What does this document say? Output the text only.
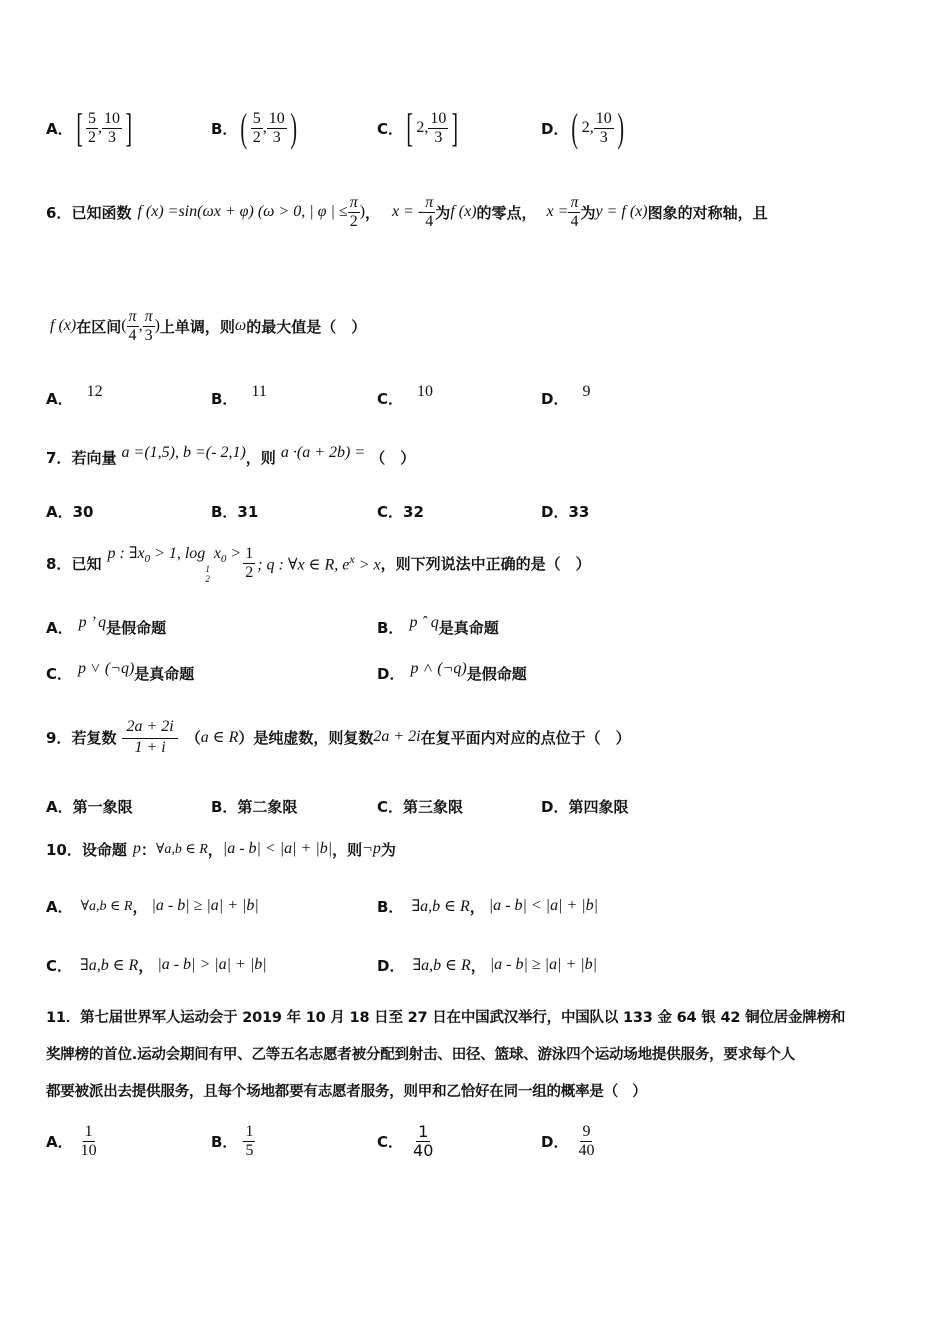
A． [ $\frac{5}{2}$ , $\frac{10}{3}$ ]	B． ( $\frac{5}{2}$ , $\frac{10}{3}$ )	C． [ 2, $\frac{10}{3}$ ]	D． ( 2, $\frac{10}{3}$ )
6． 已知函数 f (x) =sin(ωx + φ) (ω > 0, | φ | ≤ $\frac{\pi}{2}$ ) ， x = - $\frac{\pi}{4}$ 为 f (x) 的零点， $x = \frac{\pi}{4}$ 为 y = f (x) 图象的对称轴，且
f (x) 在区间 ( $\frac{\pi}{4}$ , $\frac{\pi}{3}$ ) 上单调，则 ω 的最大值是（　）
A． 12	B． 11	C． 10	D． 9
7．若向量 a =(1,5), b =(- 2,1)，则 a ·(a + 2b) = （　）
A．30	B．31	C．32	D．33
8． 已知
p : $\exists x_0 > 1$, log
1
2
$x_0 > \frac{1}{2}$ ; q : ∀x ∈ R, $e^x > x$ ，则下列说法中正确的是（　）
A． p ’ q是假命题	B． p ˆ q是真命题
C． p ˅ (¬q)是真命题	D． p ˄ (¬q)是假命题
9． 若复数 $\frac{2a + 2i}{1 + i}$ （ a ∈ R ）是纯虚数，则复数 2a + 2i 在复平面内对应的点位于（　）
A．第一象限	B．第二象限	C．第三象限	D．第四象限
10． 设命题 p ： ∀a,b ∈ R ， |a - b| < |a| + |b| ，则 ¬p 为
A． ∀a,b ∈ R ， |a - b| ≥ |a| + |b|	B． ∃a,b ∈ R ， |a - b| < |a| + |b|
C． ∃a,b ∈ R ， |a - b| > |a| + |b|	D． ∃a,b ∈ R ， |a - b| ≥ |a| + |b|
11．第七届世界军人运动会于 2019 年 10 月 18 日至 27 日在中国武汉举行，中国队以 133 金 64 银 42 铜位居金牌榜和
奖牌榜的首位.运动会期间有甲、乙等五名志愿者被分配到射击、田径、篮球、游泳四个运动场地提供服务，要求每个人
都要被派出去提供服务，且每个场地都要有志愿者服务，则甲和乙恰好在同一组的概率是（　）
A． $\frac{1}{10}$	B． $\frac{1}{5}$	C． $\frac{1}{40}$	D． $\frac{9}{40}$
